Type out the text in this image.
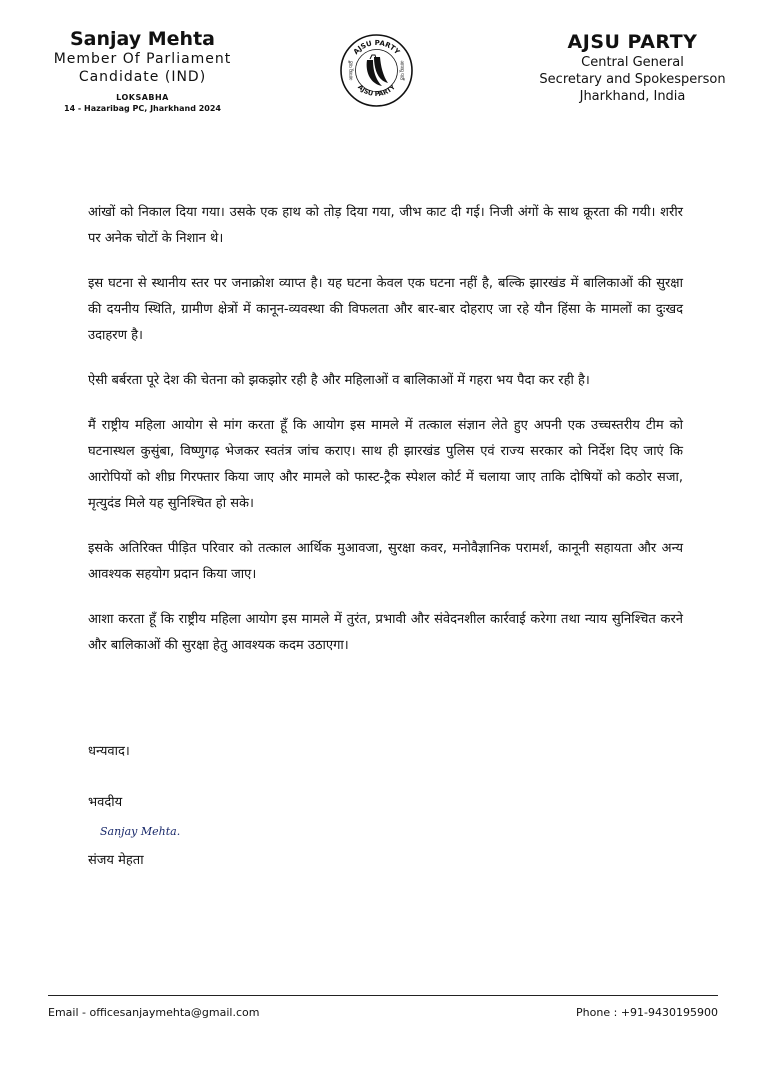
Sanjay Mehta
Member Of Parliament
Candidate (IND)
LOKSABHA
14 - Hazaribag PC, Jharkhand 2024
AJSU PARTY
AJSU PARTY
आजसू पार्टी	आजसू पार्टी
AJSU PARTY
Central General
Secretary and Spokesperson
Jharkhand, India

आंखों को निकाल दिया गया। उसके एक हाथ को तोड़ दिया गया, जीभ काट दी गई। निजी अंगों के साथ क्रूरता की गयी। शरीर पर अनेक चोटों के निशान थे।

इस घटना से स्थानीय स्तर पर जनाक्रोश व्याप्त है। यह घटना केवल एक घटना नहीं है, बल्कि झारखंड में बालिकाओं की सुरक्षा की दयनीय स्थिति, ग्रामीण क्षेत्रों में कानून-व्यवस्था की विफलता और बार-बार दोहराए जा रहे यौन हिंसा के मामलों का दुःखद उदाहरण है।

ऐसी बर्बरता पूरे देश की चेतना को झकझोर रही है और महिलाओं व बालिकाओं में गहरा भय पैदा कर रही है।

मैं राष्ट्रीय महिला आयोग से मांग करता हूँ कि आयोग इस मामले में तत्काल संज्ञान लेते हुए अपनी एक उच्चस्तरीय टीम को घटनास्थल कुसुंबा, विष्णुगढ़ भेजकर स्वतंत्र जांच कराए। साथ ही झारखंड पुलिस एवं राज्य सरकार को निर्देश दिए जाएं कि आरोपियों को शीघ्र गिरफ्तार किया जाए और मामले को फास्ट-ट्रैक स्पेशल कोर्ट में चलाया जाए ताकि दोषियों को कठोर सजा, मृत्युदंड मिले यह सुनिश्चित हो सके।

इसके अतिरिक्त पीड़ित परिवार को तत्काल आर्थिक मुआवजा, सुरक्षा कवर, मनोवैज्ञानिक परामर्श, कानूनी सहायता और अन्य आवश्यक सहयोग प्रदान किया जाए।

आशा करता हूँ कि राष्ट्रीय महिला आयोग इस मामले में तुरंत, प्रभावी और संवेदनशील कार्रवाई करेगा तथा न्याय सुनिश्चित करने और बालिकाओं की सुरक्षा हेतु आवश्यक कदम उठाएगा।

धन्यवाद।
भवदीय
Sanjay Mehta.
संजय मेहता
Email - officesanjaymehta@gmail.com	Phone : +91-9430195900
